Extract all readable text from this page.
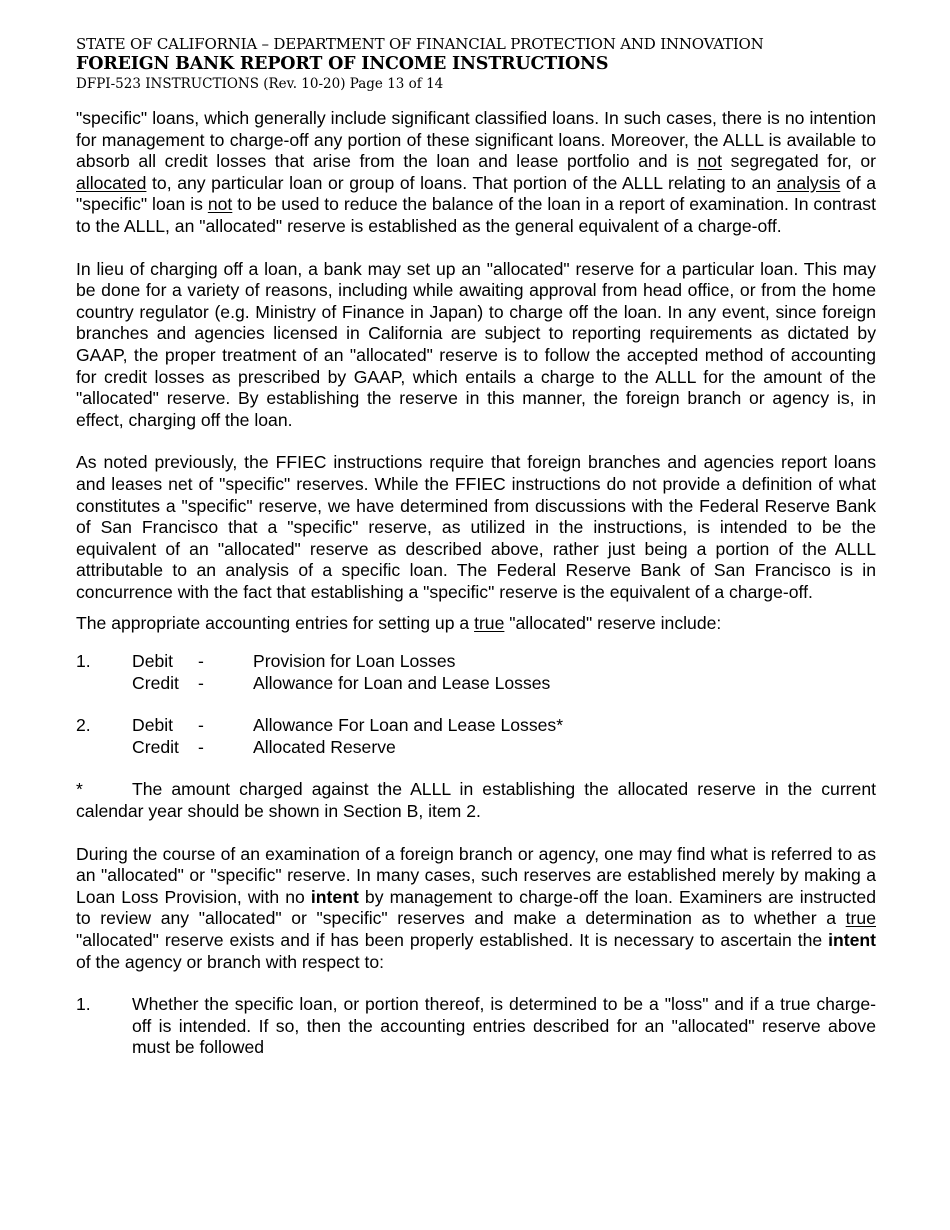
STATE OF CALIFORNIA – DEPARTMENT OF FINANCIAL PROTECTION AND INNOVATION
FOREIGN BANK REPORT OF INCOME INSTRUCTIONS
DFPI-523 INSTRUCTIONS (Rev. 10-20) Page 13 of 14

"specific" loans, which generally include significant classified loans. In such cases, there is no intention for management to charge-off any portion of these significant loans. Moreover, the ALLL is available to absorb all credit losses that arise from the loan and lease portfolio and is not segregated for, or allocated to, any particular loan or group of loans. That portion of the ALLL relating to an analysis of a "specific" loan is not to be used to reduce the balance of the loan in a report of examination. In contrast to the ALLL, an "allocated" reserve is established as the general equivalent of a charge-off.

In lieu of charging off a loan, a bank may set up an "allocated" reserve for a particular loan. This may be done for a variety of reasons, including while awaiting approval from head office, or from the home country regulator (e.g. Ministry of Finance in Japan) to charge off the loan. In any event, since foreign branches and agencies licensed in California are subject to reporting requirements as dictated by GAAP, the proper treatment of an "allocated" reserve is to follow the accepted method of accounting for credit losses as prescribed by GAAP, which entails a charge to the ALLL for the amount of the "allocated" reserve. By establishing the reserve in this manner, the foreign branch or agency is, in effect, charging off the loan.

As noted previously, the FFIEC instructions require that foreign branches and agencies report loans and leases net of "specific" reserves. While the FFIEC instructions do not provide a definition of what constitutes a "specific" reserve, we have determined from discussions with the Federal Reserve Bank of San Francisco that a "specific" reserve, as utilized in the instructions, is intended to be the equivalent of an "allocated" reserve as described above, rather just being a portion of the ALLL attributable to an analysis of a specific loan. The Federal Reserve Bank of San Francisco is in concurrence with the fact that establishing a "specific" reserve is the equivalent of a charge-off.

The appropriate accounting entries for setting up a true "allocated" reserve include:

1.	Debit	-	Provision for Loan Losses
Credit	-	Allowance for Loan and Lease Losses
2.	Debit	-	Allowance For Loan and Lease Losses*
Credit	-	Allocated Reserve

*	The amount charged against the ALLL in establishing the allocated reserve in the current calendar year should be shown in Section B, item 2.

During the course of an examination of a foreign branch or agency, one may find what is referred to as an "allocated" or "specific" reserve. In many cases, such reserves are established merely by making a Loan Loss Provision, with no intent by management to charge-off the loan. Examiners are instructed to review any "allocated" or "specific" reserves and make a determination as to whether a true "allocated" reserve exists and if has been properly established. It is necessary to ascertain the intent of the agency or branch with respect to:

1.	Whether the specific loan, or portion thereof, is determined to be a "loss" and if a true charge-off is intended. If so, then the accounting entries described for an "allocated" reserve above must be followed
